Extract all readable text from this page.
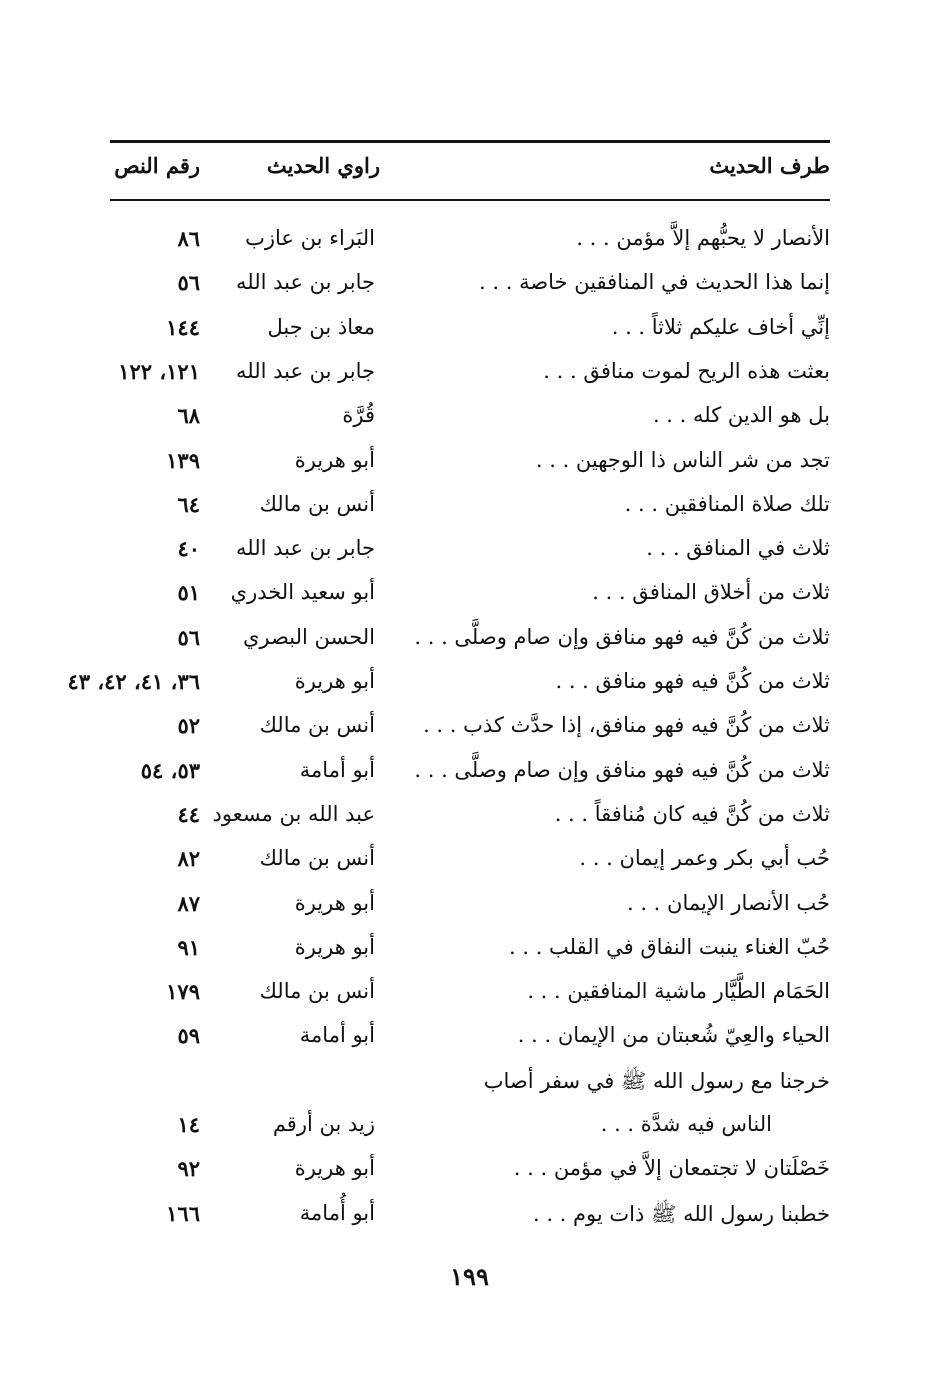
طرف الحديث
راوي الحديث
رقم النص
الأنصار لا يحبُّهم إلاَّ مؤمن . . .
البَراء بن عازب
٨٦
إنما هذا الحديث في المنافقين خاصة . . .
جابر بن عبد الله
٥٦
إنِّي أخاف عليكم ثلاثاً . . .
معاذ بن جبل
١٤٤
بعثت هذه الريح لموت منافق . . .
جابر بن عبد الله
١٢١، ١٢٢
بل هو الدين كله . . .
قُرَّة
٦٨
تجد من شر الناس ذا الوجهين . . .
أبو هريرة
١٣٩
تلك صلاة المنافقين . . .
أنس بن مالك
٦٤
ثلاث في المنافق . . .
جابر بن عبد الله
٤٠
ثلاث من أخلاق المنافق . . .
أبو سعيد الخدري
٥١
ثلاث من كُنَّ فيه فهو منافق وإن صام وصلَّى . . .
الحسن البصري
٥٦
ثلاث من كُنَّ فيه فهو منافق . . .
أبو هريرة
٣٦، ٤١، ٤٢، ٤٣
ثلاث من كُنَّ فيه فهو منافق، إذا حدَّث كذب . . .
أنس بن مالك
٥٢
ثلاث من كُنَّ فيه فهو منافق وإن صام وصلَّى . . .
أبو أمامة
٥٣، ٥٤
ثلاث من كُنَّ فيه كان مُنافقاً . . .
عبد الله بن مسعود
٤٤
حُب أبي بكر وعمر إيمان . . .
أنس بن مالك
٨٢
حُب الأنصار الإيمان . . .
أبو هريرة
٨٧
حُبّ الغناء ينبت النفاق في القلب . . .
أبو هريرة
٩١
الحَمَام الطَّيَّار ماشية المنافقين . . .
أنس بن مالك
١٧٩
الحياء والعِيّ شُعبتان من الإيمان . . .
أبو أمامة
٥٩
خرجنا مع رسول الله ﷺ في سفر أصاب
الناس فيه شدَّة . . .
زيد بن أرقم
١٤
خَصْلَتان لا تجتمعان إلاَّ في مؤمن . . .
أبو هريرة
٩٢
خطبنا رسول الله ﷺ ذات يوم . . .
أبو أُمامة
١٦٦
١٩٩
